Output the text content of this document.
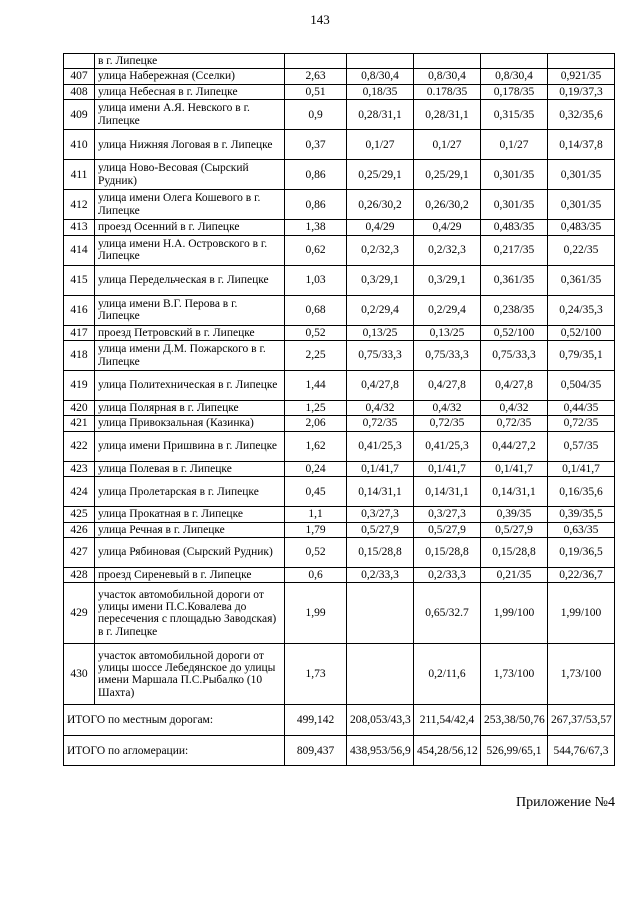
143
	в г. Липецке					
407	улица Набережная (Сселки)	2,63	0,8/30,4	0,8/30,4	0,8/30,4	0,921/35
408	улица Небесная в г. Липецке	0,51	0,18/35	0.178/35	0,178/35	0,19/37,3
409	улица имени А.Я. Невского в г. Липецке	0,9	0,28/31,1	0,28/31,1	0,315/35	0,32/35,6
410	улица Нижняя Логовая в г. Липецке	0,37	0,1/27	0,1/27	0,1/27	0,14/37,8
411	улица Ново-Весовая (Сырский Рудник)	0,86	0,25/29,1	0,25/29,1	0,301/35	0,301/35
412	улица имени Олега Кошевого в г. Липецке	0,86	0,26/30,2	0,26/30,2	0,301/35	0,301/35
413	проезд Осенний в г. Липецке	1,38	0,4/29	0,4/29	0,483/35	0,483/35
414	улица имени Н.А. Островского в г. Липецке	0,62	0,2/32,3	0,2/32,3	0,217/35	0,22/35
415	улица Передельческая в г. Липецке	1,03	0,3/29,1	0,3/29,1	0,361/35	0,361/35
416	улица имени В.Г. Перова в г. Липецке	0,68	0,2/29,4	0,2/29,4	0,238/35	0,24/35,3
417	проезд Петровский в г. Липецке	0,52	0,13/25	0,13/25	0,52/100	0,52/100
418	улица имени Д.М. Пожарского в г. Липецке	2,25	0,75/33,3	0,75/33,3	0,75/33,3	0,79/35,1
419	улица Политехническая в г. Липецке	1,44	0,4/27,8	0,4/27,8	0,4/27,8	0,504/35
420	улица Полярная в г. Липецке	1,25	0,4/32	0,4/32	0,4/32	0,44/35
421	улица Привокзальная (Казинка)	2,06	0,72/35	0,72/35	0,72/35	0,72/35
422	улица имени Пришвина в г. Липецке	1,62	0,41/25,3	0,41/25,3	0,44/27,2	0,57/35
423	улица Полевая в г. Липецке	0,24	0,1/41,7	0,1/41,7	0,1/41,7	0,1/41,7
424	улица Пролетарская в г. Липецке	0,45	0,14/31,1	0,14/31,1	0,14/31,1	0,16/35,6
425	улица Прокатная в г. Липецке	1,1	0,3/27,3	0,3/27,3	0,39/35	0,39/35,5
426	улица Речная в г. Липецке	1,79	0,5/27,9	0,5/27,9	0,5/27,9	0,63/35
427	улица Рябиновая (Сырский Рудник)	0,52	0,15/28,8	0,15/28,8	0,15/28,8	0,19/36,5
428	проезд Сиреневый в г. Липецке	0,6	0,2/33,3	0,2/33,3	0,21/35	0,22/36,7
429	участок автомобильной дороги от улицы имени П.С.Ковалева до пересечения с площадью Заводская) в г. Липецке	1,99		0,65/32.7	1,99/100	1,99/100
430	участок автомобильной дороги от улицы шоссе Лебедянское до улицы имени Маршала П.С.Рыбалко (10 Шахта)	1,73		0,2/11,6	1,73/100	1,73/100
ИТОГО по местным дорогам:		499,142	208,053/43,3	211,54/42,4	253,38/50,76	267,37/53,57
ИТОГО по агломерации:		809,437	438,953/56,9	454,28/56,12	526,99/65,1	544,76/67,3
Приложение №4
